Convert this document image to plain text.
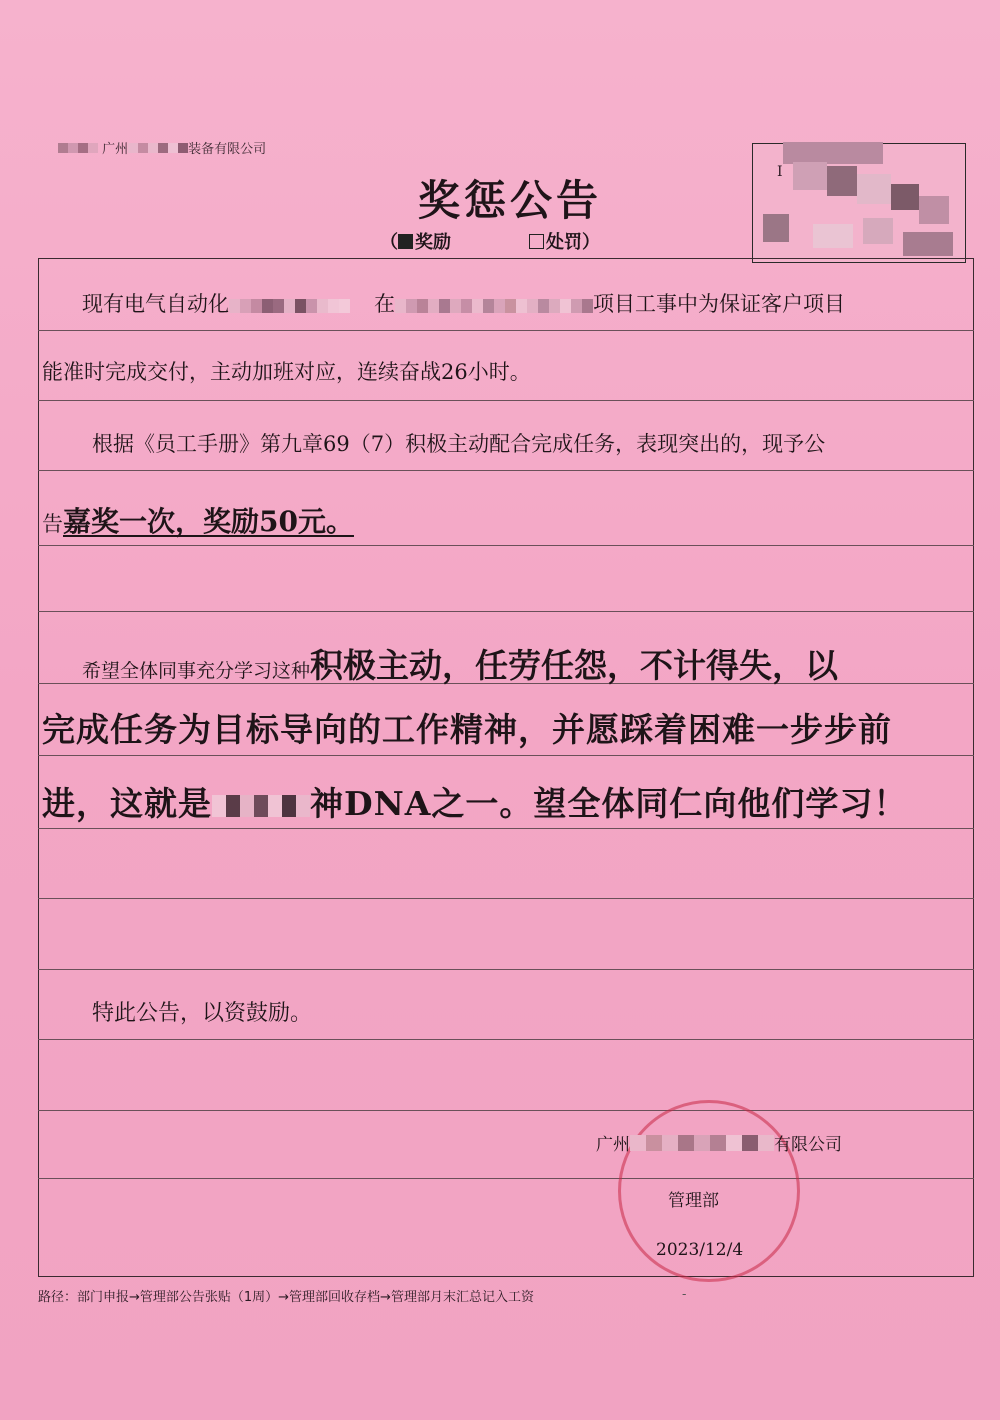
广州	装备有限公司
奖惩公告
（ 奖励	处罚）
I
现有电气自动化	在	项目工事中为保证客户项目
能准时完成交付，主动加班对应，连续奋战26小时。
根据《员工手册》第九章69（7）积极主动配合完成任务，表现突出的，现予公
告嘉奖一次，奖励50元。
希望全体同事充分学习这种积极主动，任劳任怨，不计得失，以
完成任务为目标导向的工作精神，并愿踩着困难一步步前
进，这就是	神DNA之一。望全体同仁向他们学习！
特此公告，以资鼓励。
广州	有限公司
管理部
2023/12/4
路径：部门申报→管理部公告张贴（1周）→管理部回收存档→管理部月末汇总记入工资	-
